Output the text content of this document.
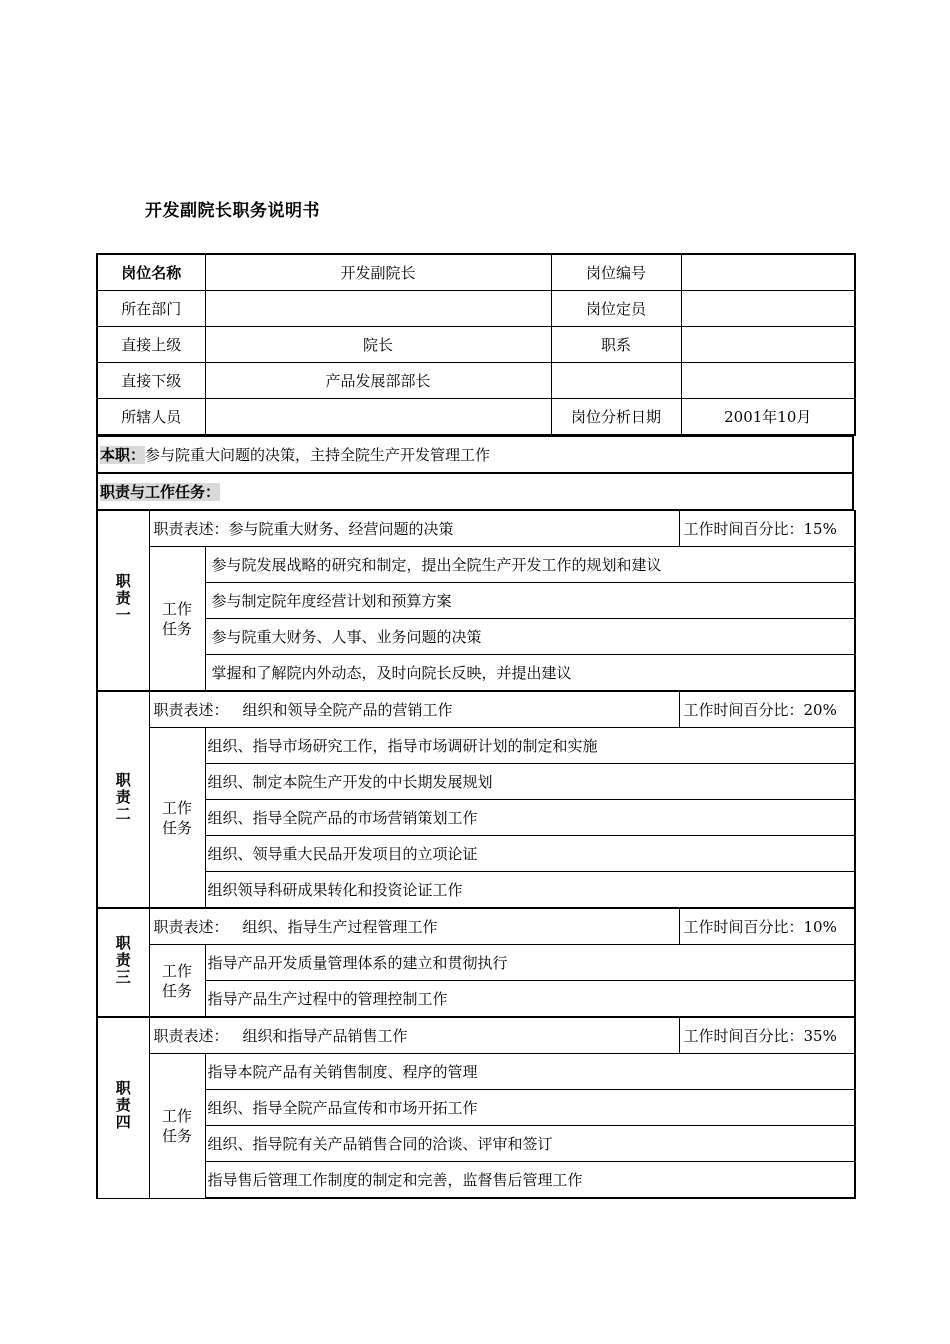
开发副院长职务说明书
岗位名称	开发副院长	岗位编号	
所在部门		岗位定员	
直接上级	院长	职系	
直接下级	产品发展部部长		
所辖人员		岗位分析日期	2001年10月
本职：参与院重大问题的决策，主持全院生产开发管理工作
职责与工作任务：
职责一	职责表述：参与院重大财务、经营问题的决策		工作时间百分比：15%
	工作
任务	参与院发展战略的研究和制定，提出全院生产开发工作的规划和建议	
		参与制定院年度经营计划和预算方案	
		参与院重大财务、人事、业务问题的决策	
		掌握和了解院内外动态，及时向院长反映，并提出建议	
职责二	职责表述： 组织和领导全院产品的营销工作		工作时间百分比：20%
	工作
任务	组织、指导市场研究工作，指导市场调研计划的制定和实施	
		组织、制定本院生产开发的中长期发展规划	
		组织、指导全院产品的市场营销策划工作	
		组织、领导重大民品开发项目的立项论证	
		组织领导科研成果转化和投资论证工作	
职责三	职责表述： 组织、指导生产过程管理工作		工作时间百分比：10%
	工作
任务	指导产品开发质量管理体系的建立和贯彻执行	
		指导产品生产过程中的管理控制工作	
职责四	职责表述： 组织和指导产品销售工作		工作时间百分比：35%
	工作
任务	指导本院产品有关销售制度、程序的管理	
		组织、指导全院产品宣传和市场开拓工作	
		组织、指导院有关产品销售合同的洽谈、评审和签订	
		指导售后管理工作制度的制定和完善，监督售后管理工作	
